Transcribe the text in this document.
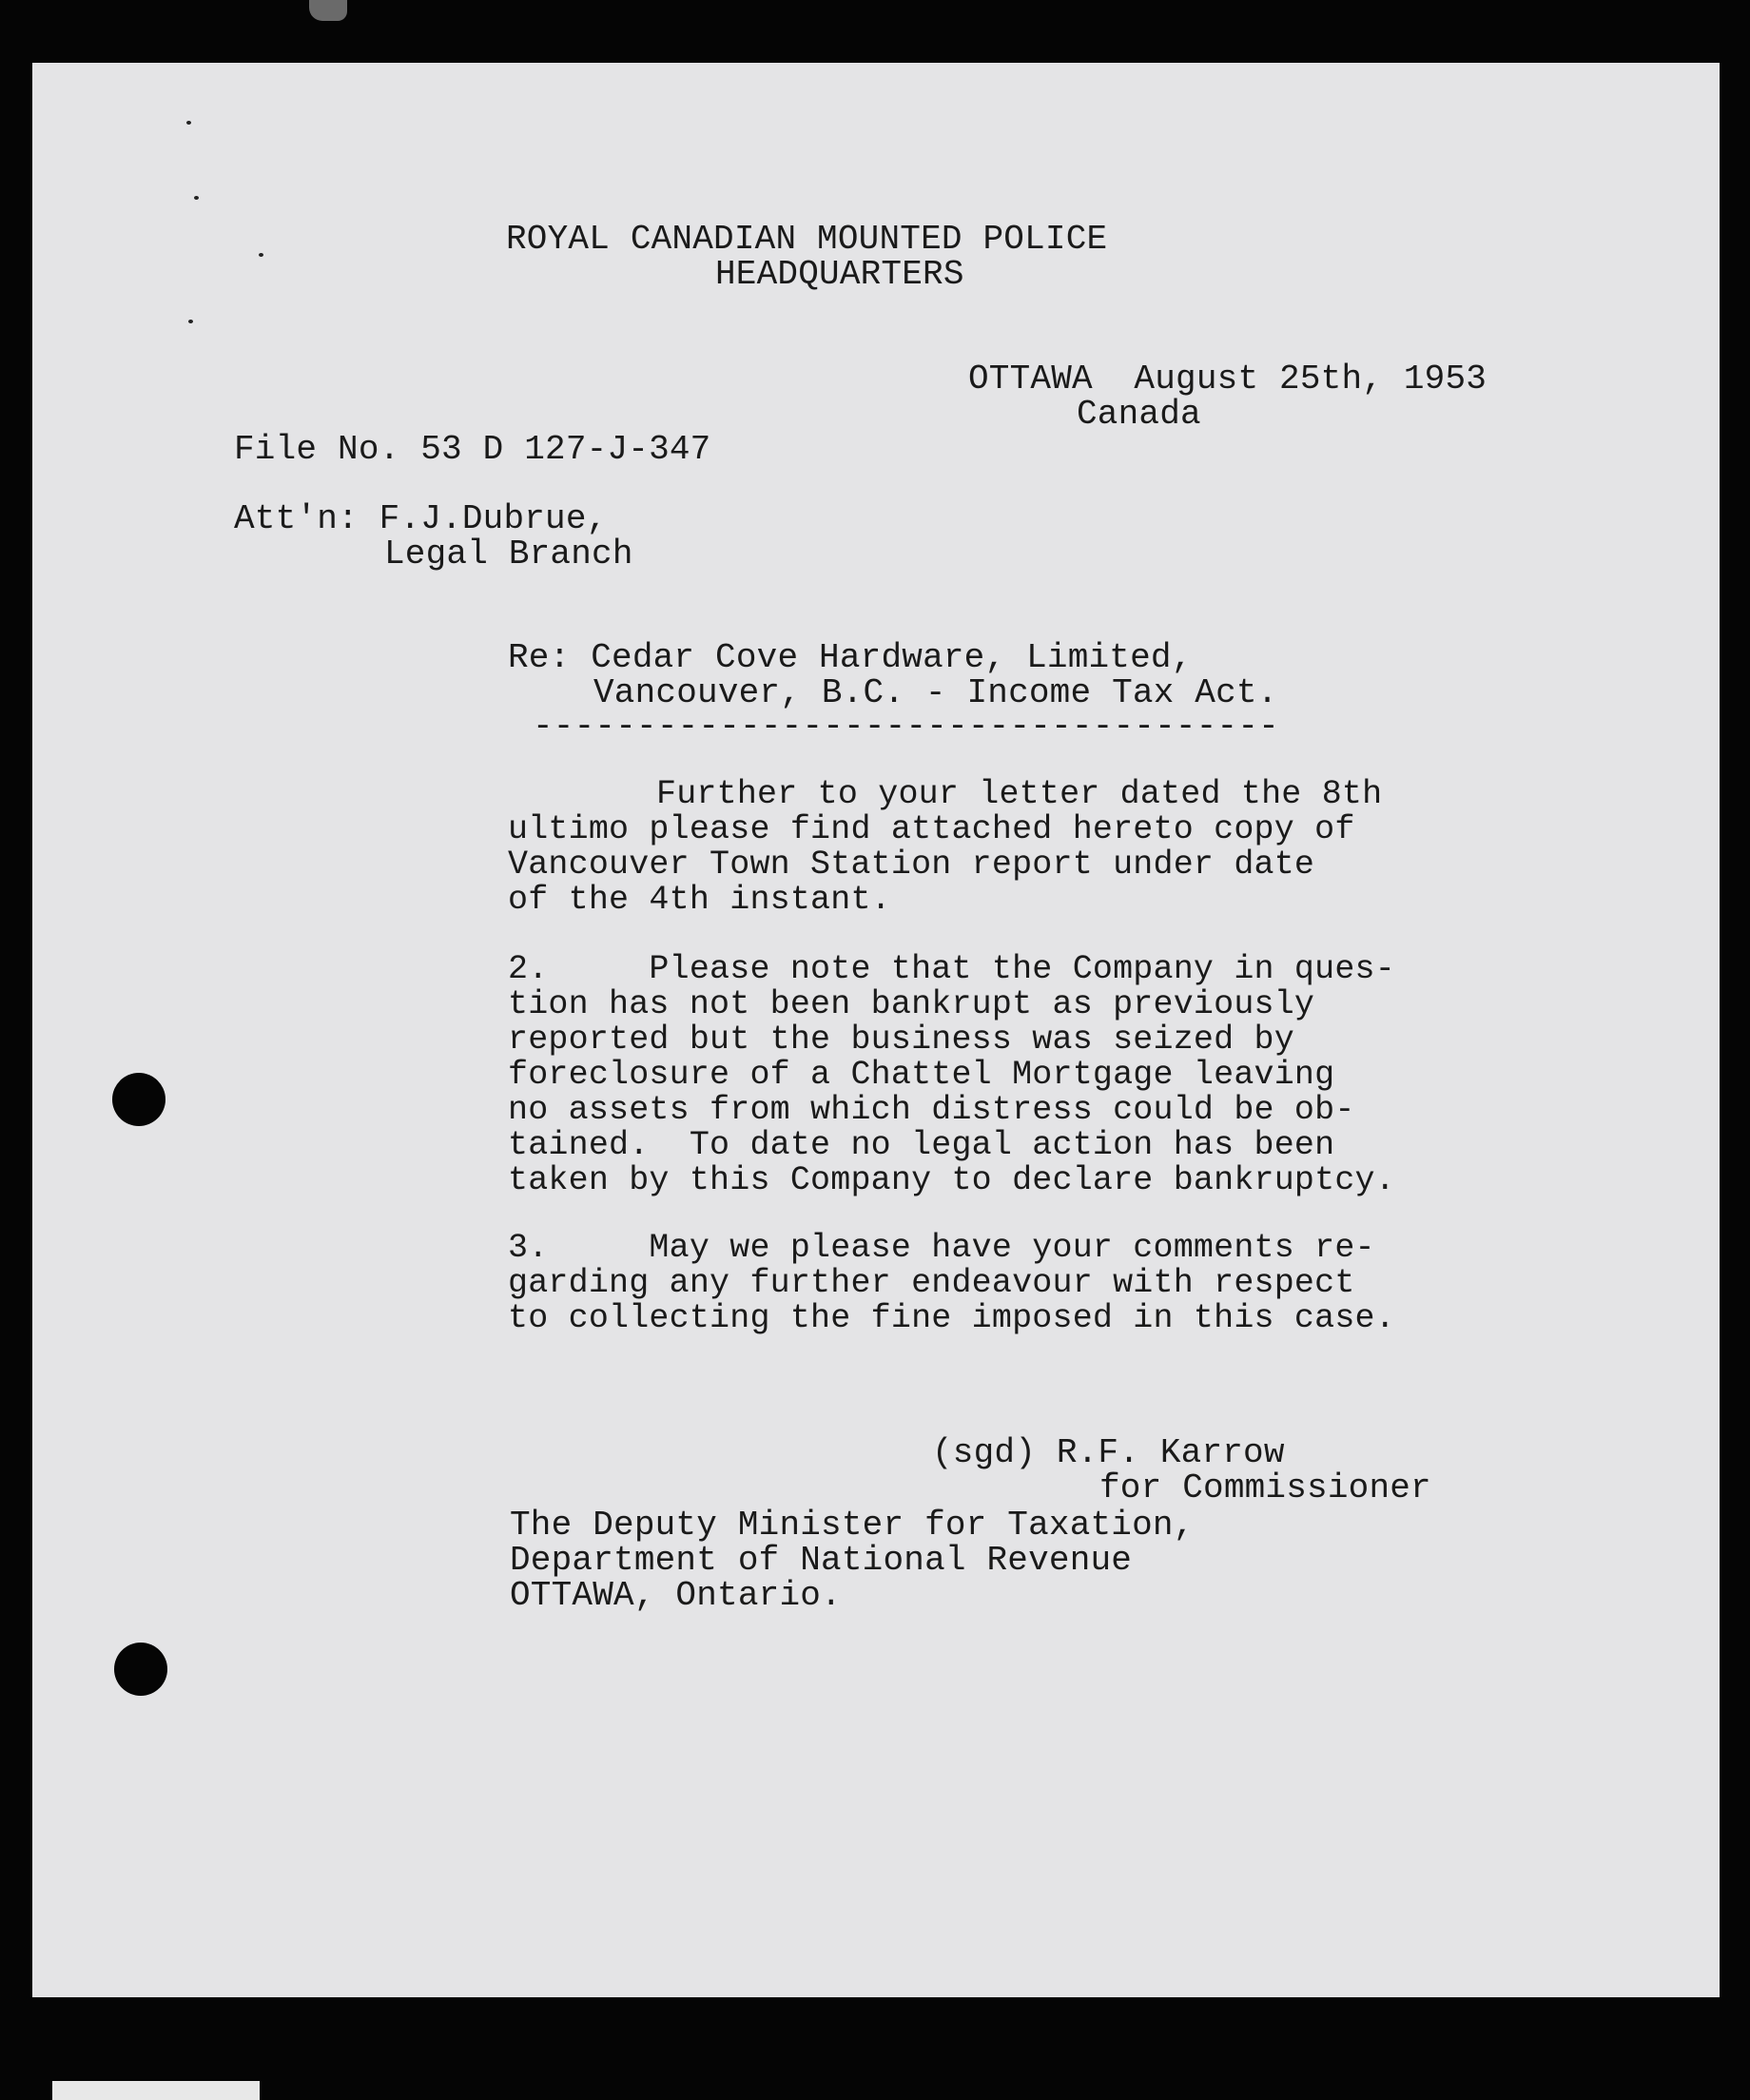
ROYAL CANADIAN MOUNTED POLICE

HEADQUARTERS

OTTAWA  August 25th, 1953

Canada

File No. 53 D 127-J-347

Att'n: F.J.Dubrue,

Legal Branch

Re: Cedar Cove Hardware, Limited,

Vancouver, B.C. - Income Tax Act.

------------------------------------

Further to your letter dated the 8th

ultimo please find attached hereto copy of

Vancouver Town Station report under date

of the 4th instant.

2.     Please note that the Company in ques-

tion has not been bankrupt as previously

reported but the business was seized by

foreclosure of a Chattel Mortgage leaving

no assets from which distress could be ob-

tained.  To date no legal action has been

taken by this Company to declare bankruptcy.

3.     May we please have your comments re-

garding any further endeavour with respect

to collecting the fine imposed in this case.

(sgd) R.F. Karrow

for Commissioner

The Deputy Minister for Taxation,

Department of National Revenue

OTTAWA, Ontario.
